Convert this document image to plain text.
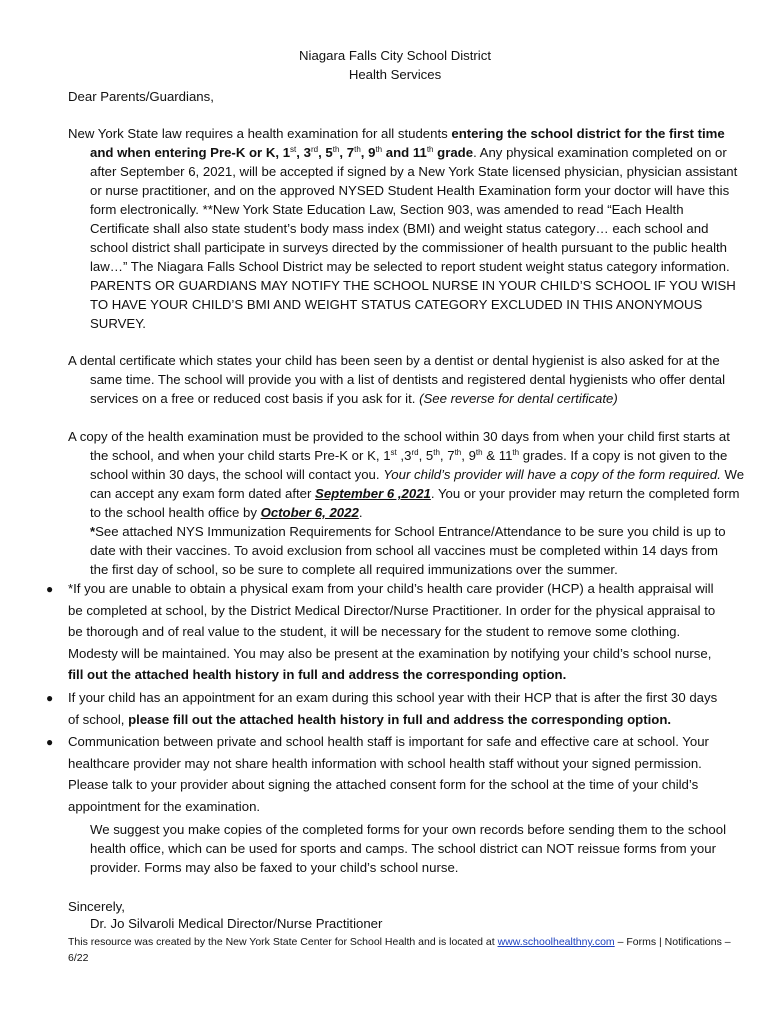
Niagara Falls City School District
Health Services
Dear Parents/Guardians,
New York State law requires a health examination for all students entering the school district for the first time and when entering Pre-K or K, 1st, 3rd, 5th, 7th, 9th and 11th grade. Any physical examination completed on or after September 6, 2021, will be accepted if signed by a New York State licensed physician, physician assistant or nurse practitioner, and on the approved NYSED Student Health Examination form your doctor will have this form electronically. **New York State Education Law, Section 903, was amended to read “Each Health Certificate shall also state student’s body mass index (BMI) and weight status category… each school and school district shall participate in surveys directed by the commissioner of health pursuant to the public health law…” The Niagara Falls School District may be selected to report student weight status category information. PARENTS OR GUARDIANS MAY NOTIFY THE SCHOOL NURSE IN YOUR CHILD’S SCHOOL IF YOU WISH TO HAVE YOUR CHILD’S BMI AND WEIGHT STATUS CATEGORY EXCLUDED IN THIS ANONYMOUS SURVEY.
A dental certificate which states your child has been seen by a dentist or dental hygienist is also asked for at the same time. The school will provide you with a list of dentists and registered dental hygienists who offer dental services on a free or reduced cost basis if you ask for it. (See reverse for dental certificate)
A copy of the health examination must be provided to the school within 30 days from when your child first starts at the school, and when your child starts Pre-K or K, 1st ,3rd, 5th, 7th, 9th & 11th grades. If a copy is not given to the school within 30 days, the school will contact you. Your child’s provider will have a copy of the form required. We can accept any exam form dated after September 6 ,2021. You or your provider may return the completed form to the school health office by October 6, 2022.
*See attached NYS Immunization Requirements for School Entrance/Attendance to be sure you child is up to date with their vaccines. To avoid exclusion from school all vaccines must be completed within 14 days from the first day of school, so be sure to complete all required immunizations over the summer.
● *If you are unable to obtain a physical exam from your child’s health care provider (HCP) a health appraisal will be completed at school, by the District Medical Director/Nurse Practitioner. In order for the physical appraisal to be thorough and of real value to the student, it will be necessary for the student to remove some clothing. Modesty will be maintained. You may also be present at the examination by notifying your child’s school nurse, fill out the attached health history in full and address the corresponding option.
● If your child has an appointment for an exam during this school year with their HCP that is after the first 30 days of school, please fill out the attached health history in full and address the corresponding option.
● Communication between private and school health staff is important for safe and effective care at school. Your healthcare provider may not share health information with school health staff without your signed permission. Please talk to your provider about signing the attached consent form for the school at the time of your child’s appointment for the examination.
We suggest you make copies of the completed forms for your own records before sending them to the school health office, which can be used for sports and camps. The school district can NOT reissue forms from your provider. Forms may also be faxed to your child’s school nurse.
Sincerely,
Dr. Jo Silvaroli Medical Director/Nurse Practitioner
This resource was created by the New York State Center for School Health and is located at www.schoolhealthny.com – Forms | Notifications – 6/22
